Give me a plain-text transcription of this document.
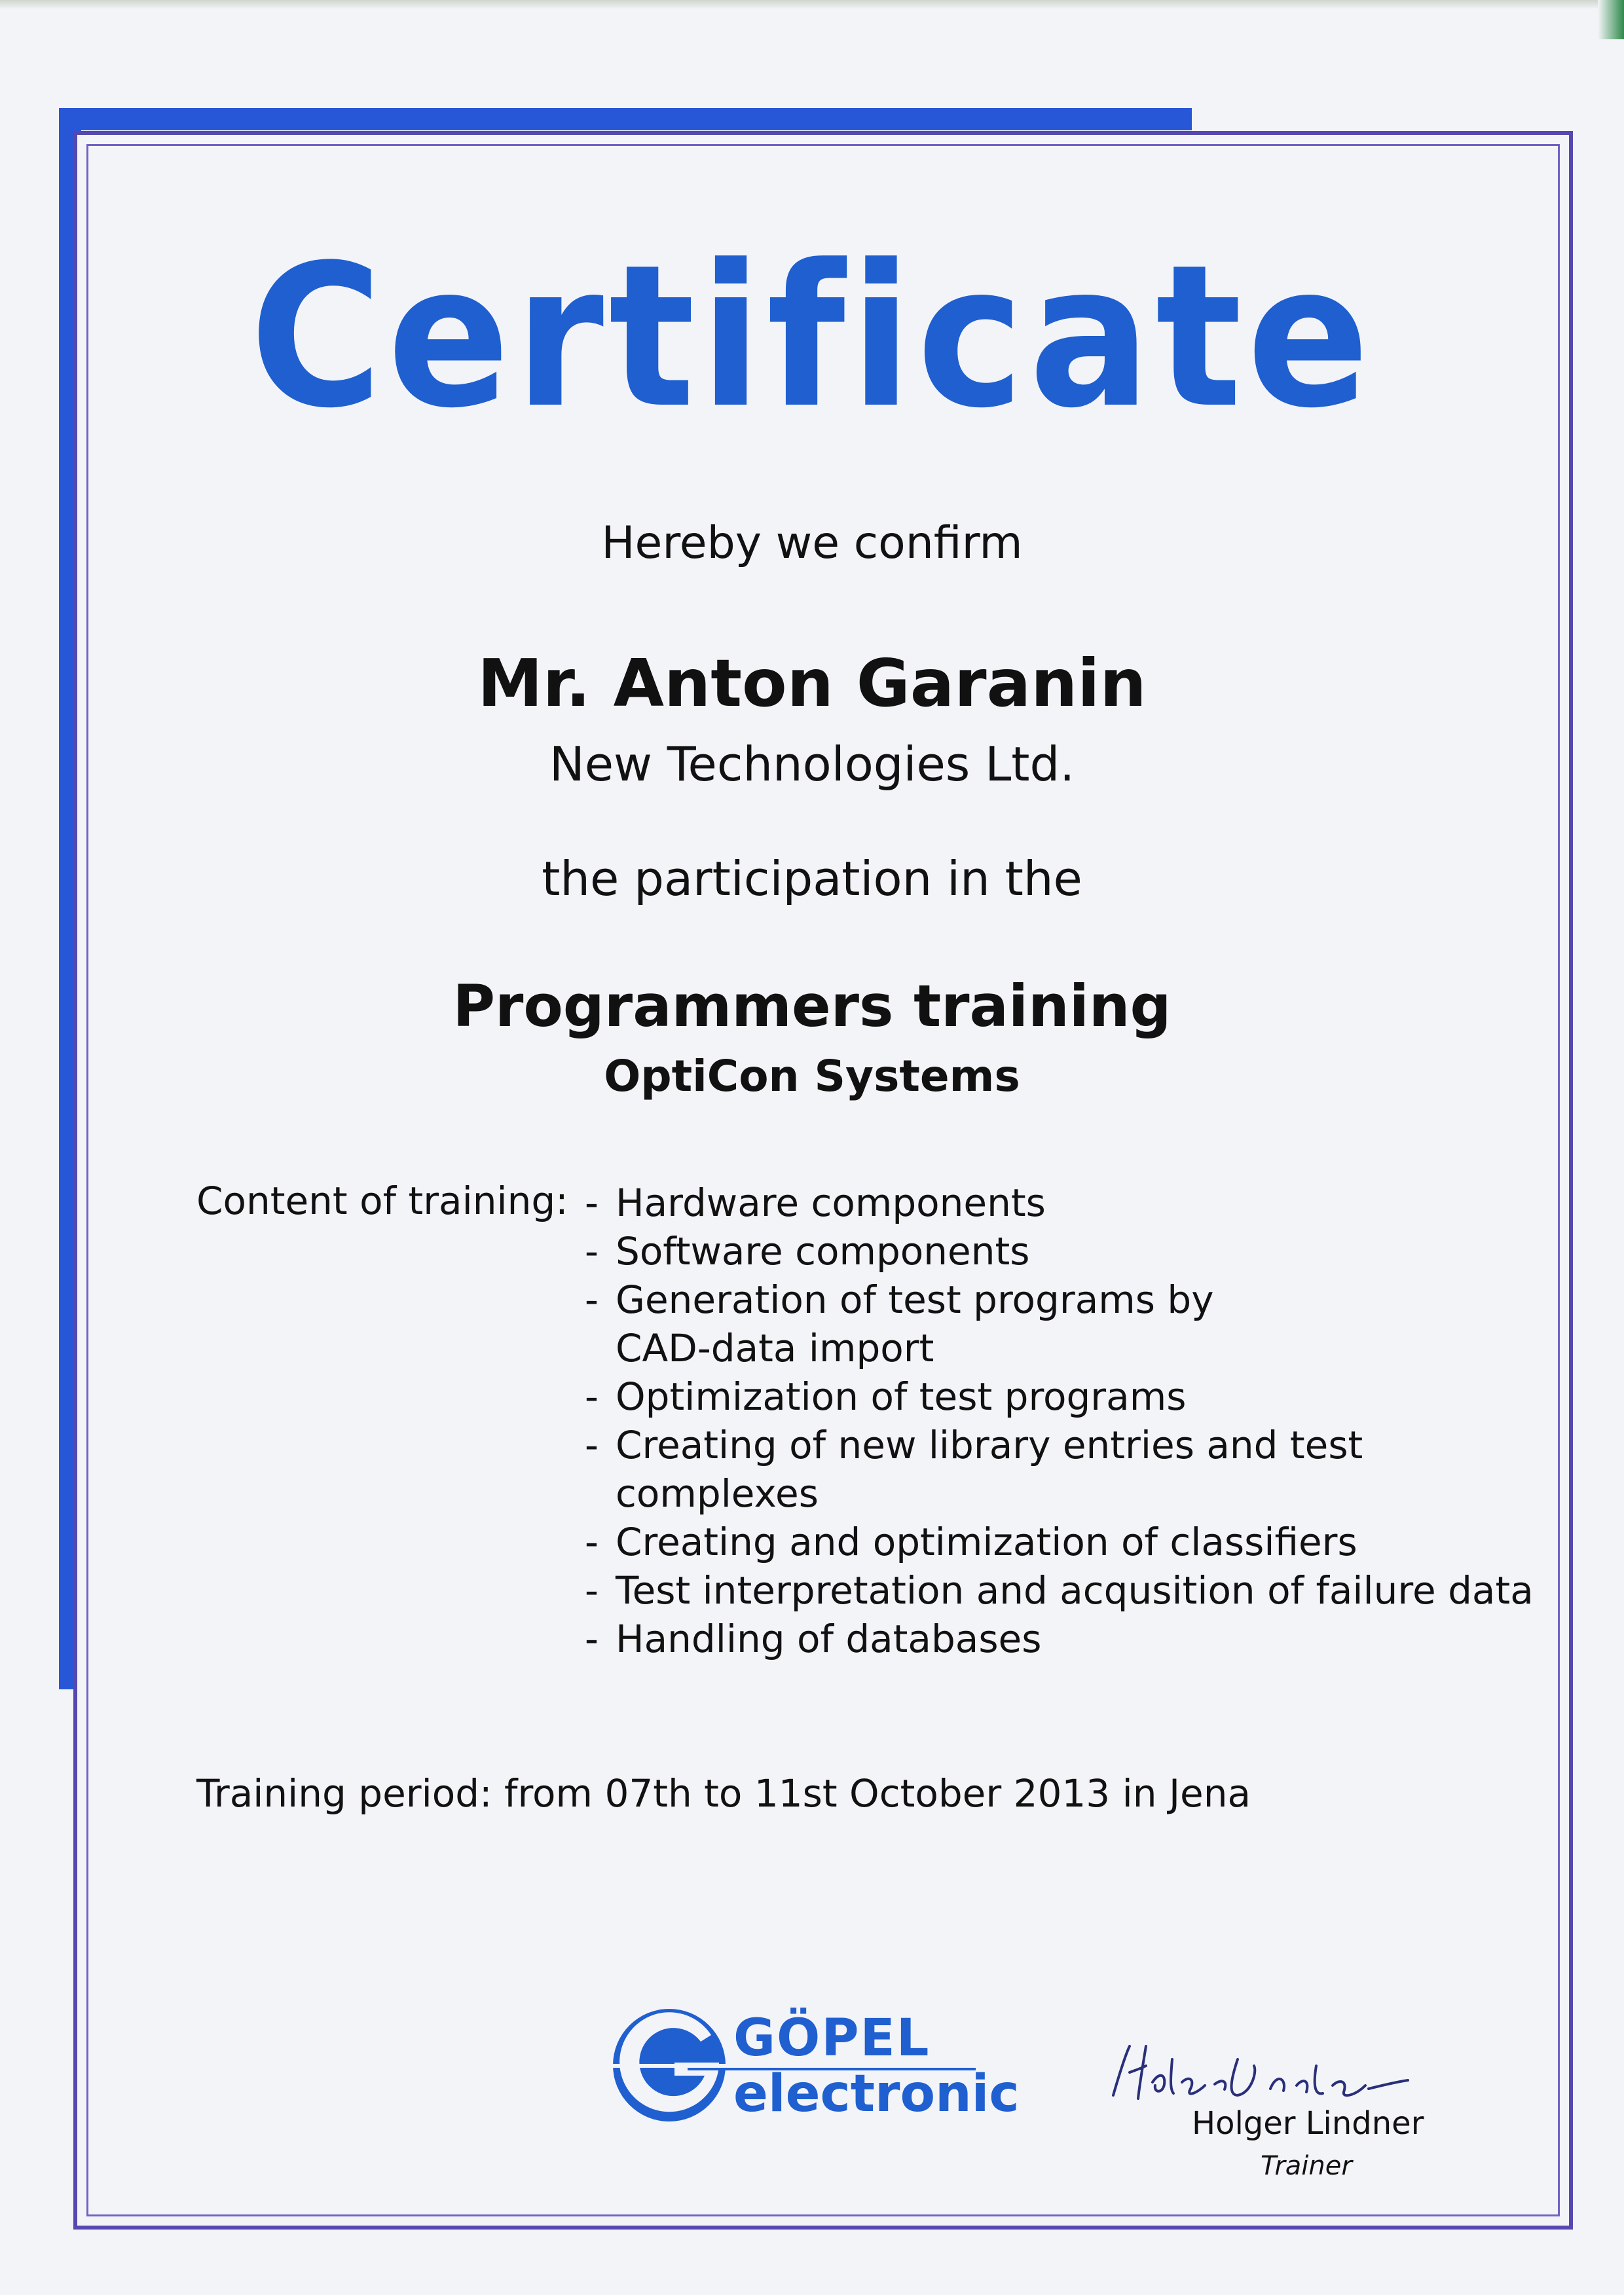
Certificate
Hereby we confirm
Mr. Anton Garanin
New Technologies Ltd.
the participation in the
Programmers training
OptiCon Systems
Content of training: - Hardware components
- Software components
- Generation of test programs by
CAD-data import
- Optimization of test programs
- Creating of new library entries and test
complexes
- Creating and optimization of classifiers
- Test interpretation and acqusition of failure data
- Handling of databases
Training period: from 07th to 11st October 2013 in Jena
GÖPEL
electronic	Holger Lindner
Trainer
